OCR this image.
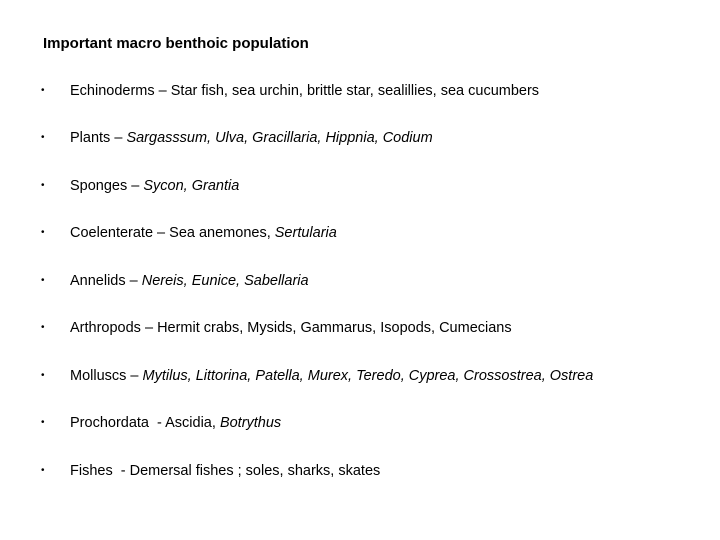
Important macro benthoic population
• Echinoderms – Star fish, sea urchin, brittle star, sealillies, sea cucumbers
• Plants – Sargasssum, Ulva, Gracillaria, Hippnia, Codium
• Sponges – Sycon, Grantia
• Coelenterate – Sea anemones, Sertularia
• Annelids – Nereis, Eunice, Sabellaria
• Arthropods – Hermit crabs, Mysids, Gammarus, Isopods, Cumecians
• Molluscs – Mytilus, Littorina, Patella, Murex, Teredo, Cyprea, Crossostrea, Ostrea
• Prochordata  - Ascidia, Botrythus
• Fishes  - Demersal fishes ; soles, sharks, skates
